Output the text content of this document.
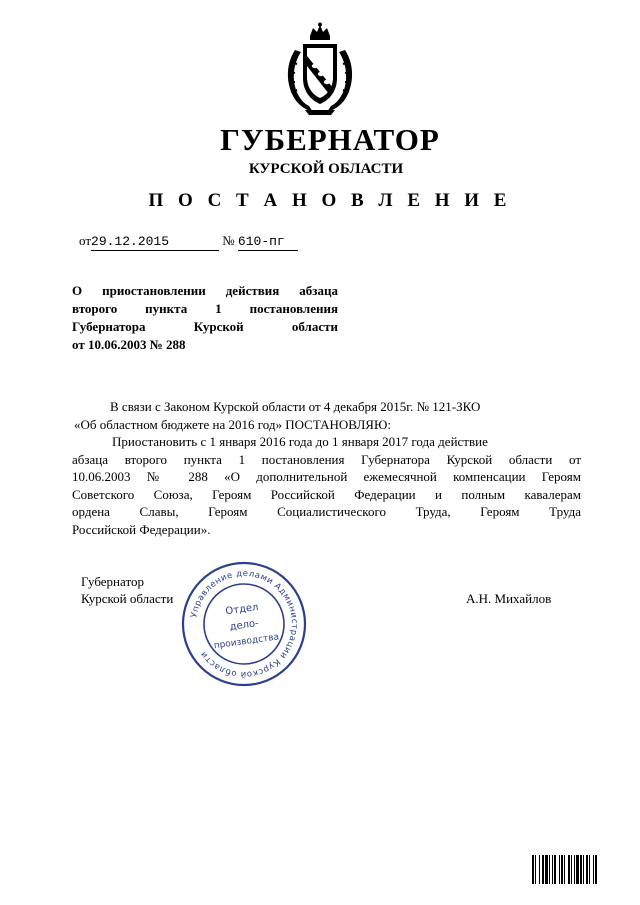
ГУБЕРНАТОР
КУРСКОЙ ОБЛАСТИ
П О С Т А Н О В Л Е Н И Е
от29.12.2015	№ 610-пг
О приостановлении действия абзаца
второго пункта 1 постановления
Губернатора Курской области
от 10.06.2003 № 288
В связи с Законом Курской области от 4 декабря 2015г. № 121-ЗКО
«Об областном бюджете на 2016 год» ПОСТАНОВЛЯЮ:
Приостановить с 1 января 2016 года до 1 января 2017 года действие
абзаца второго пункта 1 постановления Губернатора Курской области от
10.06.2003 № 288 «О дополнительной ежемесячной компенсации Героям
Советского Союза, Героям Российской Федерации и полным кавалерам
ордена Славы, Героям Социалистического Труда, Героям Труда
Российской Федерации».
Губернатор
Курской области	А.Н. Михайлов
Управление делами Администрации Курской области
Отдел
дело-
производства
